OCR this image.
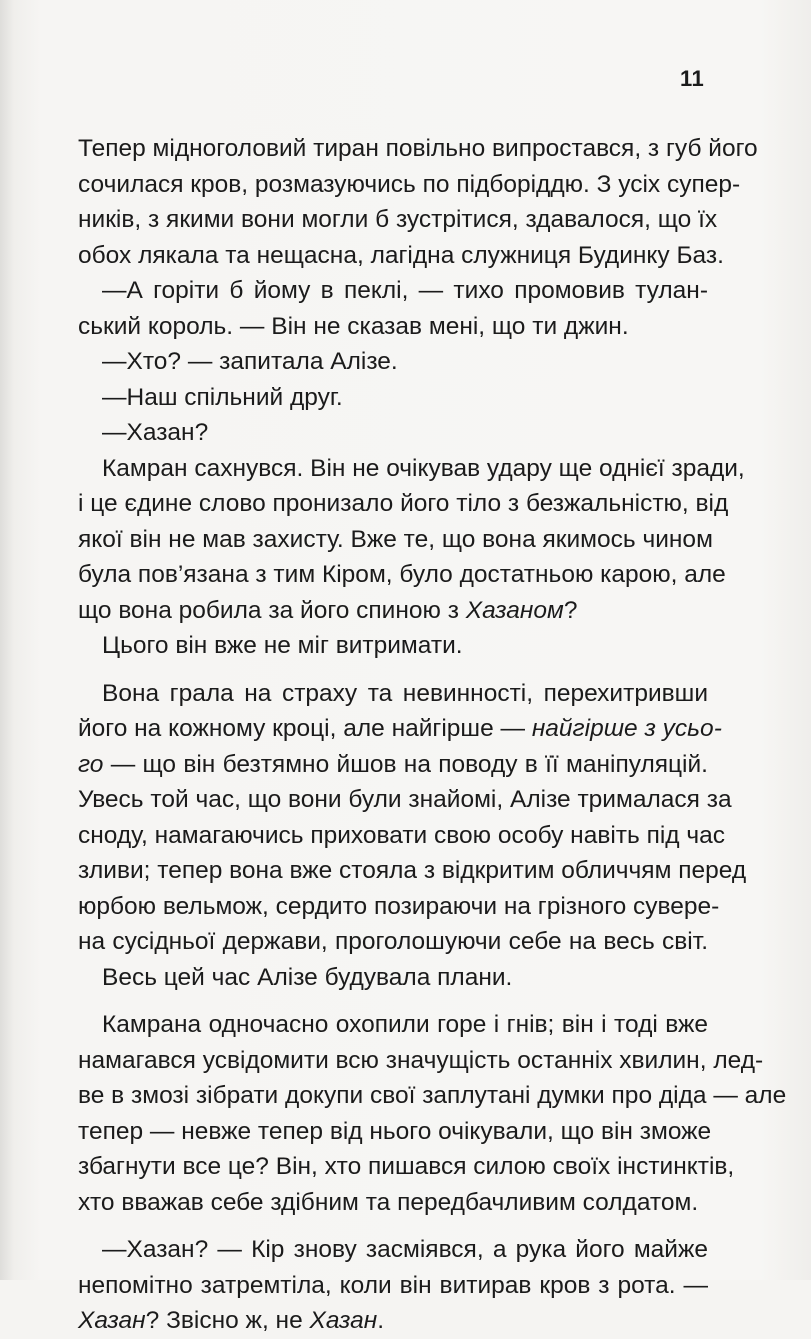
11
Тепер мідноголовий тиран повільно випростався, з губ його
сочилася кров, розмазуючись по підборіддю. З усіх супер-
ників, з якими вони могли б зустрітися, здавалося, що їх
обох лякала та нещасна, лагідна служниця Будинку Баз.
—А горіти б йому в пеклі, — тихо промовив тулан-
ський король. — Він не сказав мені, що ти джин.
—Хто? — запитала Алізе.
—Наш спільний друг.
—Хазан?
Камран сахнувся. Він не очікував удару ще однієї зради,
і це єдине слово пронизало його тіло з безжальністю, від
якої він не мав захисту. Вже те, що вона якимось чином
була пов’язана з тим Кіром, було достатньою карою, але
що вона робила за його спиною з Хазаном?
Цього він вже не міг витримати.
Вона грала на страху та невинності, перехитривши
його на кожному кроці, але найгірше — найгірше з усьо-
го — що він безтямно йшов на поводу в її маніпуляцій.
Увесь той час, що вони були знайомі, Алізе трималася за
сноду, намагаючись приховати свою особу навіть під час
зливи; тепер вона вже стояла з відкритим обличчям перед
юрбою вельмож, сердито позираючи на грізного сувере-
на сусідньої держави, проголошуючи себе на весь світ.
Весь цей час Алізе будувала плани.
Камрана одночасно охопили горе і гнів; він і тоді вже
намагався усвідомити всю значущість останніх хвилин, лед-
ве в змозі зібрати докупи свої заплутані думки про діда — але
тепер — невже тепер від нього очікували, що він зможе
збагнути все це? Він, хто пишався силою своїх інстинктів,
хто вважав себе здібним та передбачливим солдатом.
—Хазан? — Кір знову засміявся, а рука його майже
непомітно затремтіла, коли він витирав кров з рота. —
Хазан? Звісно ж, не Хазан.
